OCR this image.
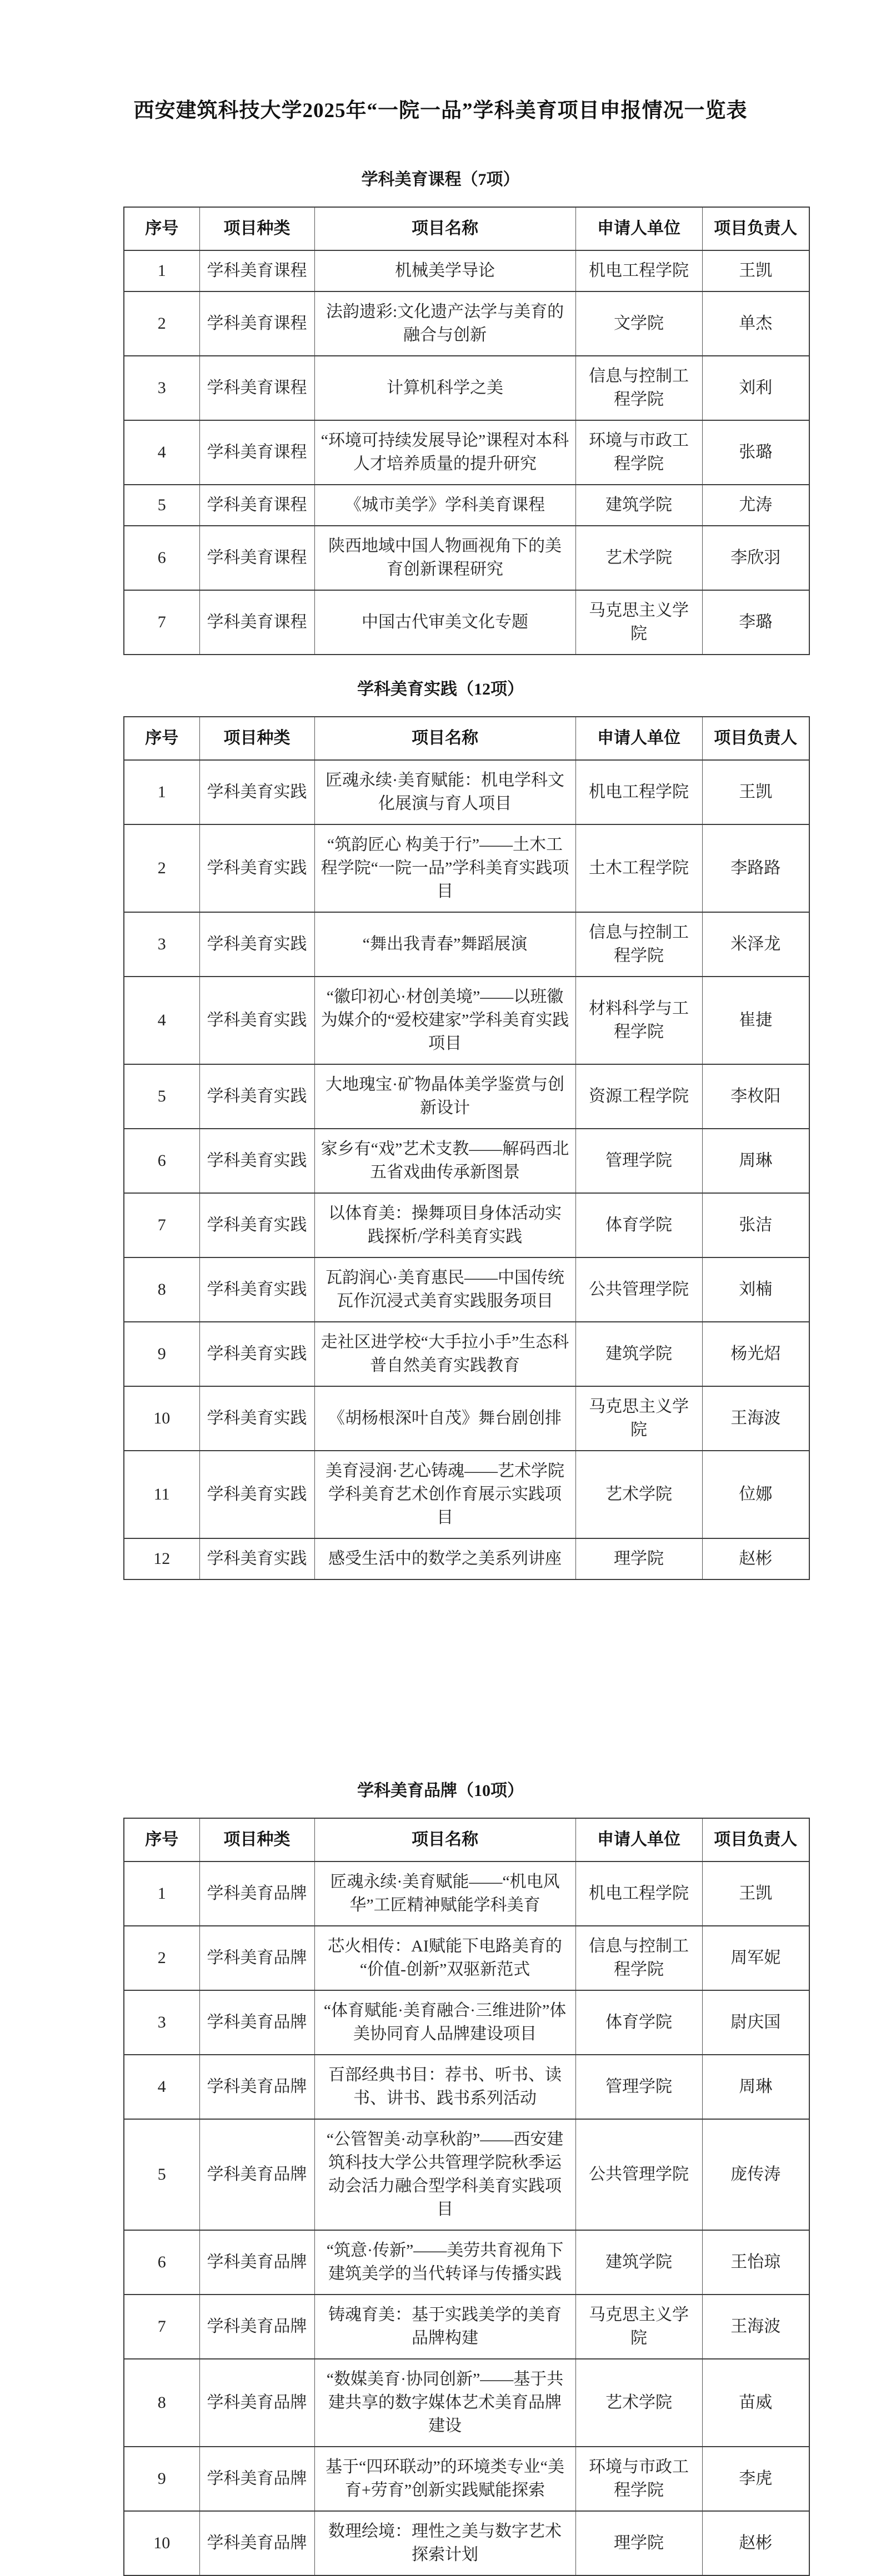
西安建筑科技大学2025年“一院一品”学科美育项目申报情况一览表
学科美育课程（7项）
序号	项目种类	项目名称	申请人单位	项目负责人
1	学科美育课程	机械美学导论	机电工程学院	王凯
2	学科美育课程	法韵遗彩:文化遗产法学与美育的融合与创新	文学院	单杰
3	学科美育课程	计算机科学之美	信息与控制工程学院	刘利
4	学科美育课程	“环境可持续发展导论”课程对本科人才培养质量的提升研究	环境与市政工程学院	张璐
5	学科美育课程	《城市美学》学科美育课程	建筑学院	尤涛
6	学科美育课程	陕西地域中国人物画视角下的美育创新课程研究	艺术学院	李欣羽
7	学科美育课程	中国古代审美文化专题	马克思主义学院	李璐
学科美育实践（12项）
序号	项目种类	项目名称	申请人单位	项目负责人
1	学科美育实践	匠魂永续·美育赋能：机电学科文化展演与育人项目	机电工程学院	王凯
2	学科美育实践	“筑韵匠心 构美于行”——土木工程学院“一院一品”学科美育实践项目	土木工程学院	李路路
3	学科美育实践	“舞出我青春”舞蹈展演	信息与控制工程学院	米泽龙
4	学科美育实践	“徽印初心·材创美境”——以班徽为媒介的“爱校建家”学科美育实践项目	材料科学与工程学院	崔捷
5	学科美育实践	大地瑰宝·矿物晶体美学鉴赏与创新设计	资源工程学院	李枚阳
6	学科美育实践	家乡有“戏”艺术支教——解码西北五省戏曲传承新图景	管理学院	周琳
7	学科美育实践	以体育美：操舞项目身体活动实践探析/学科美育实践	体育学院	张洁
8	学科美育实践	瓦韵润心·美育惠民——中国传统瓦作沉浸式美育实践服务项目	公共管理学院	刘楠
9	学科美育实践	走社区进学校“大手拉小手”生态科普自然美育实践教育	建筑学院	杨光炤
10	学科美育实践	《胡杨根深叶自茂》舞台剧创排	马克思主义学院	王海波
11	学科美育实践	美育浸润·艺心铸魂——艺术学院学科美育艺术创作育展示实践项目	艺术学院	位娜
12	学科美育实践	感受生活中的数学之美系列讲座	理学院	赵彬
学科美育品牌（10项）
序号	项目种类	项目名称	申请人单位	项目负责人
1	学科美育品牌	匠魂永续·美育赋能——“机电风华”工匠精神赋能学科美育	机电工程学院	王凯
2	学科美育品牌	芯火相传：AI赋能下电路美育的“价值-创新”双驱新范式	信息与控制工程学院	周军妮
3	学科美育品牌	“体育赋能·美育融合·三维进阶”体美协同育人品牌建设项目	体育学院	尉庆国
4	学科美育品牌	百部经典书目：荐书、听书、读书、讲书、践书系列活动	管理学院	周琳
5	学科美育品牌	“公管智美·动享秋韵”——西安建筑科技大学公共管理学院秋季运动会活力融合型学科美育实践项目	公共管理学院	庞传涛
6	学科美育品牌	“筑意·传新”——美劳共育视角下建筑美学的当代转译与传播实践	建筑学院	王怡琼
7	学科美育品牌	铸魂育美：基于实践美学的美育品牌构建	马克思主义学院	王海波
8	学科美育品牌	“数媒美育·协同创新”——基于共建共享的数字媒体艺术美育品牌建设	艺术学院	苗威
9	学科美育品牌	基于“四环联动”的环境类专业“美育+劳育”创新实践赋能探索	环境与市政工程学院	李虎
10	学科美育品牌	数理绘境：理性之美与数字艺术探索计划	理学院	赵彬
